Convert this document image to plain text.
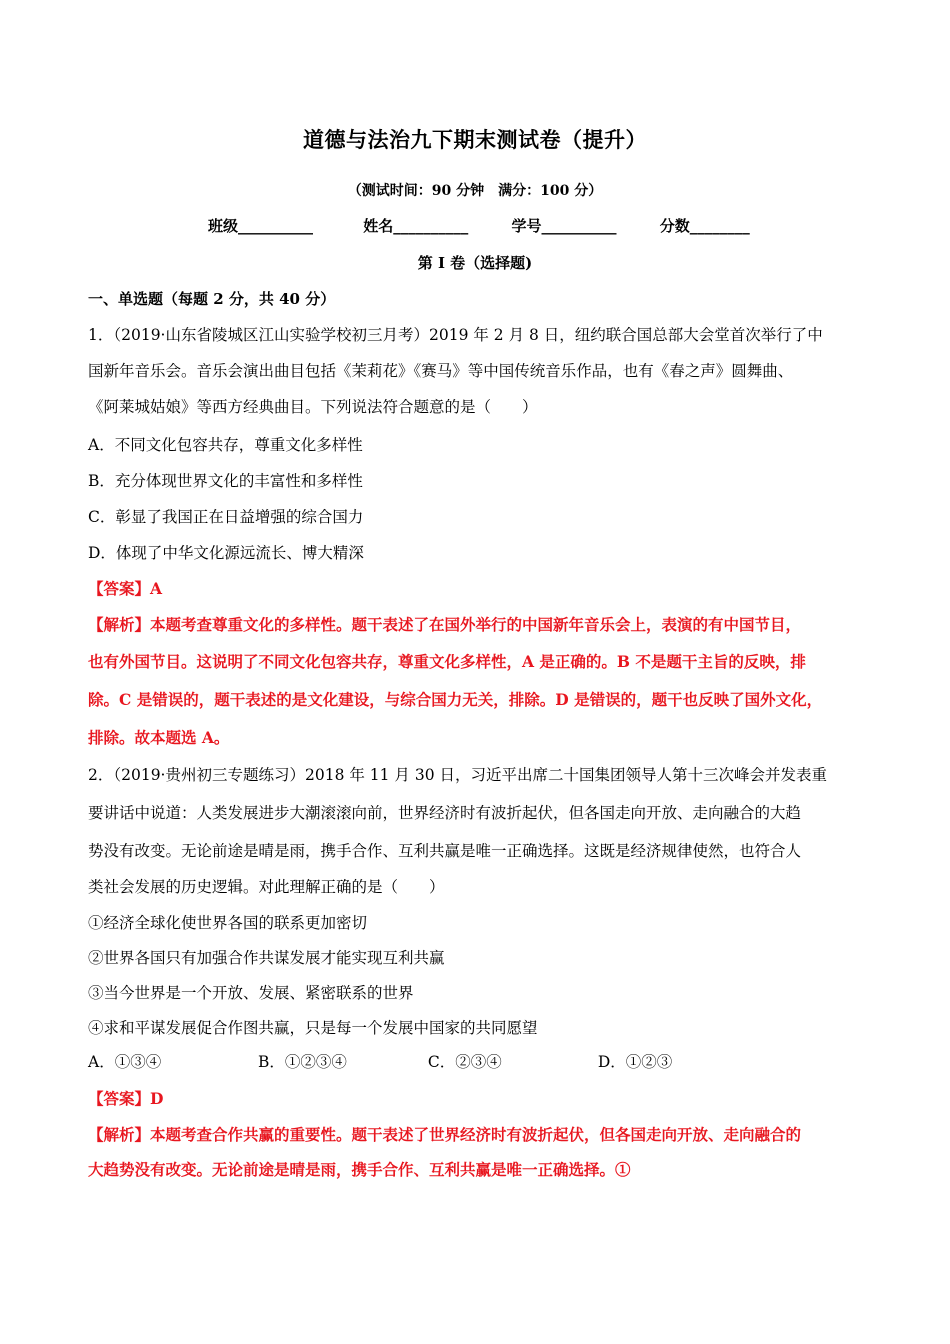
道德与法治九下期末测试卷（提升）
（测试时间：90 分钟　满分：100 分）
班级__________	姓名__________	学号__________	分数________
第 I 卷（选择题)
一、单选题（每题 2 分，共 40 分）
1．（2019·山东省陵城区江山实验学校初三月考）2019 年 2 月 8 日，纽约联合国总部大会堂首次举行了中
国新年音乐会。音乐会演出曲目包括《茉莉花》《赛马》等中国传统音乐作品，也有《春之声》圆舞曲、
《阿莱城姑娘》等西方经典曲目。下列说法符合题意的是（　　）
A．不同文化包容共存，尊重文化多样性
B．充分体现世界文化的丰富性和多样性
C．彰显了我国正在日益增强的综合国力
D．体现了中华文化源远流长、博大精深
【答案】A
【解析】本题考查尊重文化的多样性。题干表述了在国外举行的中国新年音乐会上，表演的有中国节目，
也有外国节目。这说明了不同文化包容共存，尊重文化多样性，A 是正确的。B 不是题干主旨的反映，排
除。C 是错误的，题干表述的是文化建设，与综合国力无关，排除。D 是错误的，题干也反映了国外文化，
排除。故本题选 A。
2．（2019·贵州初三专题练习）2018 年 11 月 30 日，习近平出席二十国集团领导人第十三次峰会并发表重
要讲话中说道：人类发展进步大潮滚滚向前，世界经济时有波折起伏，但各国走向开放、走向融合的大趋
势没有改变。无论前途是晴是雨，携手合作、互利共赢是唯一正确选择。这既是经济规律使然，也符合人
类社会发展的历史逻辑。对此理解正确的是（　　）
①经济全球化使世界各国的联系更加密切
②世界各国只有加强合作共谋发展才能实现互利共赢
③当今世界是一个开放、发展、紧密联系的世界
④求和平谋发展促合作图共赢，只是每一个发展中国家的共同愿望
A．①③④	B．①②③④	C．②③④	D．①②③
【答案】D
【解析】本题考查合作共赢的重要性。题干表述了世界经济时有波折起伏，但各国走向开放、走向融合的
大趋势没有改变。无论前途是晴是雨，携手合作、互利共赢是唯一正确选择。①
